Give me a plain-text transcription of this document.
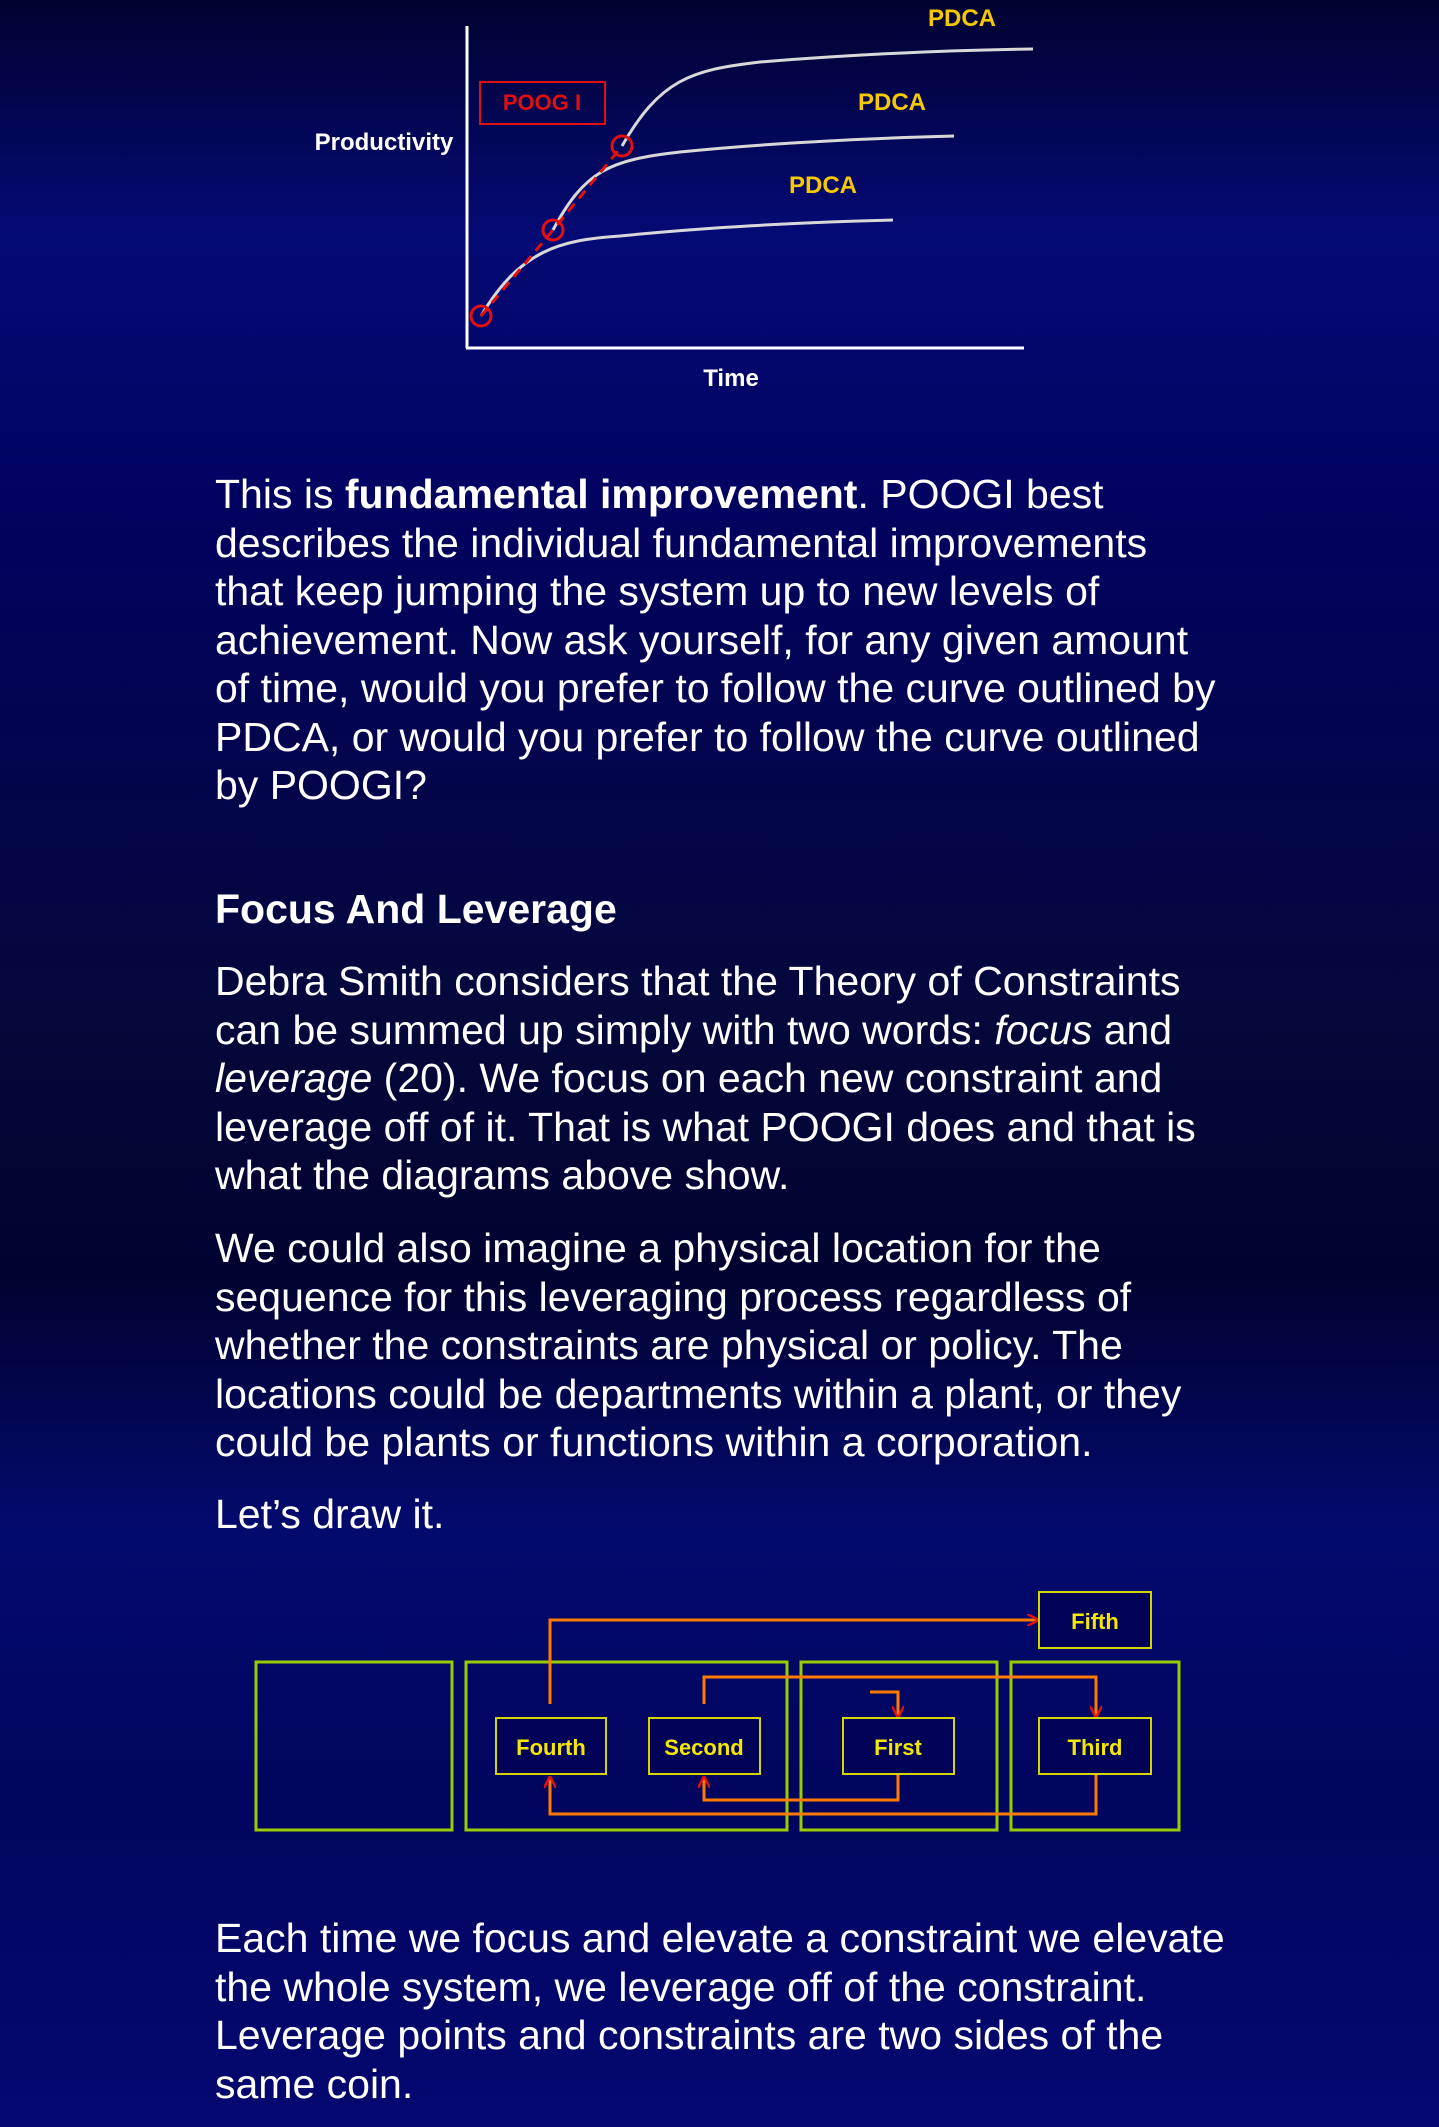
Productivity
Time
POOG I
PDCA
PDCA
PDCA

This is fundamental improvement. POOGI best describes the individual fundamental improvements that keep jumping the system up to new levels of achievement. Now ask yourself, for any given amount of time, would you prefer to follow the curve outlined by PDCA, or would you prefer to follow the curve outlined by POOGI?

Focus And Leverage

Debra Smith considers that the Theory of Constraints can be summed up simply with two words: focus and leverage (20). We focus on each new constraint and leverage off of it. That is what POOGI does and that is what the diagrams above show.

We could also imagine a physical location for the sequence for this leveraging process regardless of whether the constraints are physical or policy. The locations could be departments within a plant, or they could be plants or functions within a corporation.

Let’s draw it.

Fourth	Second	First	Third
Fifth

Each time we focus and elevate a constraint we elevate the whole system, we leverage off of the constraint. Leverage points and constraints are two sides of the same coin.
